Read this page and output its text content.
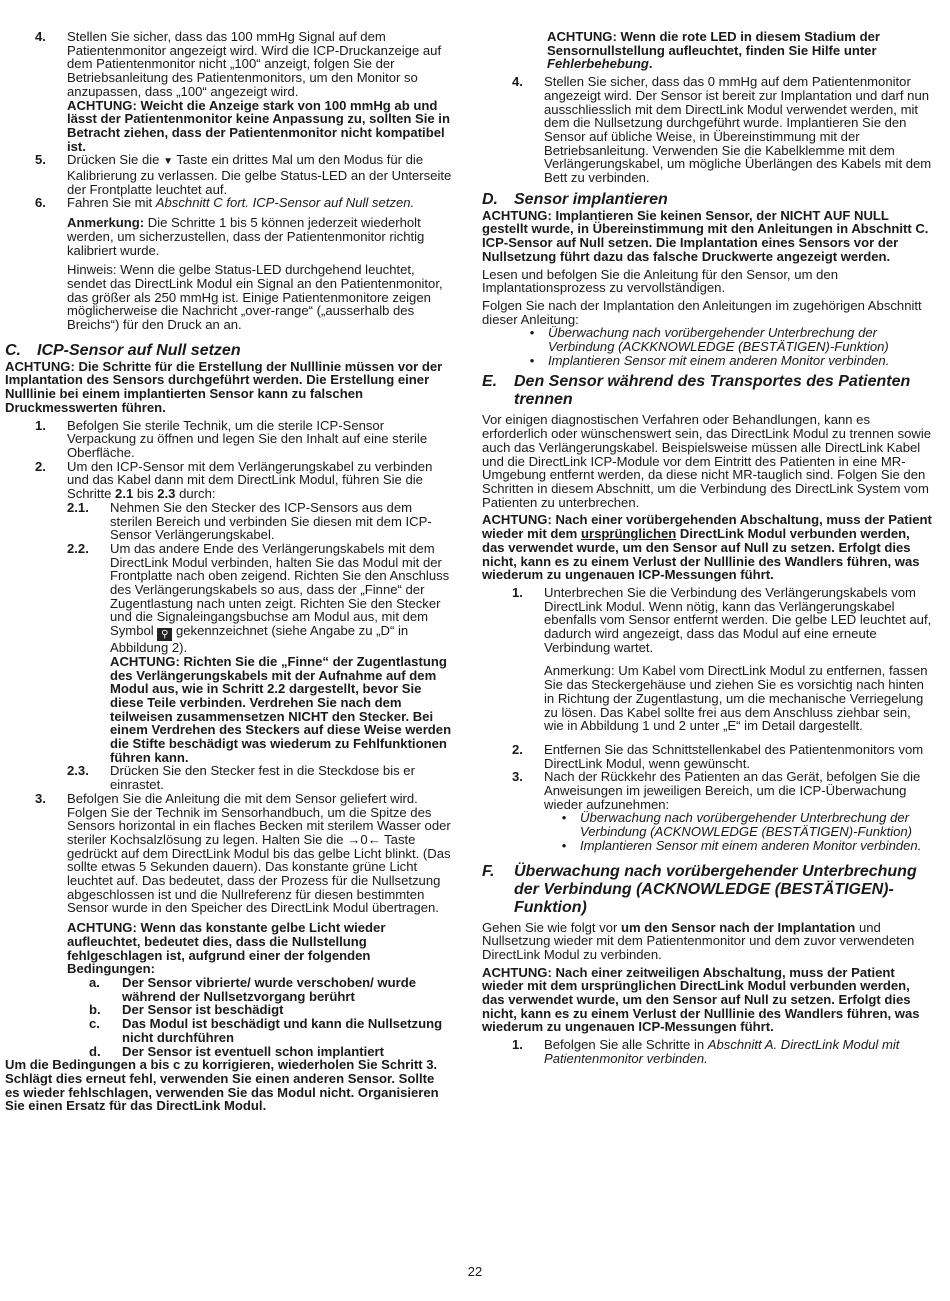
4.	Stellen Sie sicher, dass das 100 mmHg Signal auf dem Patientenmonitor angezeigt wird. Wird die ICP-Druckanzeige auf dem Patientenmonitor nicht „100“ anzeigt, folgen Sie der Betriebsanleitung des Patientenmonitors, um den Monitor so anzupassen, dass „100“ angezeigt wird.

ACHTUNG: Weicht die Anzeige stark von 100 mmHg ab und lässt der Patientenmonitor keine Anpassung zu, sollten Sie in Betracht ziehen, dass der Patientenmonitor nicht kompatibel ist.

5.	Drücken Sie die ▼ Taste ein drittes Mal um den Modus für die Kalibrierung zu verlassen. Die gelbe Status-LED an der Unterseite der Frontplatte leuchtet auf.

6.	Fahren Sie mit Abschnitt C fort. ICP-Sensor auf Null setzen.

Anmerkung: Die Schritte 1 bis 5 können jederzeit wiederholt werden, um sicherzustellen, dass der Patientenmonitor richtig kalibriert wurde.

Hinweis: Wenn die gelbe Status-LED durchgehend leuchtet, sendet das DirectLink Modul ein Signal an den Patientenmonitor, das größer als 250 mmHg ist. Einige Patientenmonitore zeigen möglicherweise die Nachricht „over-range“ („ausserhalb des Breichs“) für den Druck an an.

C.	ICP-Sensor auf Null setzen

ACHTUNG: Die Schritte für die Erstellung der Nulllinie müssen vor der Implantation des Sensors durchgeführt werden. Die Erstellung einer Nulllinie bei einem implantierten Sensor kann zu falschen Druckmesswerten führen.

1.	Befolgen Sie sterile Technik, um die sterile ICP-Sensor Verpackung zu öffnen und legen Sie den Inhalt auf eine sterile Oberfläche.

2.	Um den ICP-Sensor mit dem Verlängerungskabel zu verbinden und das Kabel dann mit dem DirectLink Modul, führen Sie die Schritte 2.1 bis 2.3 durch:

2.1.	Nehmen Sie den Stecker des ICP-Sensors aus dem sterilen Bereich und verbinden Sie diesen mit dem ICP-Sensor Verlängerungskabel.

2.2.	Um das andere Ende des Verlängerungskabels mit dem DirectLink Modul verbinden, halten Sie das Modul mit der Frontplatte nach oben zeigend. Richten Sie den Anschluss des Verlängerungskabels so aus, dass der „Finne“ der Zugentlastung nach unten zeigt. Richten Sie den Stecker und die Signaleingangsbuchse am Modul aus, mit dem Symbol ⚲ gekennzeichnet (siehe Angabe zu „D“ in Abbildung 2).

ACHTUNG: Richten Sie die „Finne“ der Zugentlastung des Verlängerungskabels mit der Aufnahme auf dem Modul aus, wie in Schritt 2.2 dargestellt, bevor Sie diese Teile verbinden. Verdrehen Sie nach dem teilweisen zusammensetzen NICHT den Stecker. Bei einem Verdrehen des Steckers auf diese Weise werden die Stifte beschädigt was wiederum zu Fehlfunktionen führen kann.

2.3.	Drücken Sie den Stecker fest in die Steckdose bis er einrastet.

3.	Befolgen Sie die Anleitung die mit dem Sensor geliefert wird. Folgen Sie der Technik im Sensorhandbuch, um die Spitze des Sensors horizontal in ein flaches Becken mit sterilem Wasser oder steriler Kochsalzlösung zu legen. Halten Sie die →0← Taste gedrückt auf dem DirectLink Modul bis das gelbe Licht blinkt. (Das sollte etwas 5 Sekunden dauern). Das konstante grüne Licht leuchtet auf. Das bedeutet, dass der Prozess für die Nullsetzung abgeschlossen ist und die Nullreferenz für diesen bestimmten Sensor wurde in den Speicher des DirectLink Modul übertragen.

ACHTUNG: Wenn das konstante gelbe Licht wieder aufleuchtet, bedeutet dies, dass die Nullstellung fehlgeschlagen ist, aufgrund einer der folgenden Bedingungen:

a.	Der Sensor vibrierte/ wurde verschoben/ wurde während der Nullsetzvorgang berührt
b.	Der Sensor ist beschädigt
c.	Das Modul ist beschädigt und kann die Nullsetzung nicht durchführen
d.	Der Sensor ist eventuell schon implantiert

Um die Bedingungen a bis c zu korrigieren, wiederholen Sie Schritt 3. Schlägt dies erneut fehl, verwenden Sie einen anderen Sensor. Sollte es wieder fehlschlagen, verwenden Sie das Modul nicht. Organisieren Sie einen Ersatz für das DirectLink Modul.

ACHTUNG: Wenn die rote LED in diesem Stadium der Sensornullstellung aufleuchtet, finden Sie Hilfe unter Fehlerbehebung.

4.	Stellen Sie sicher, dass das 0 mmHg auf dem Patientenmonitor angezeigt wird. Der Sensor ist bereit zur Implantation und darf nun ausschliesslich mit dem DirectLink Modul verwendet werden, mit dem die Nullsetzung durchgeführt wurde. Implantieren Sie den Sensor auf übliche Weise, in Übereinstimmung mit der Betriebsanleitung. Verwenden Sie die Kabelklemme mit dem Verlängerungskabel, um mögliche Überlängen des Kabels mit dem Bett zu verbinden.

D.	Sensor implantieren

ACHTUNG: Implantieren Sie keinen Sensor, der NICHT AUF NULL gestellt wurde, in Übereinstimmung mit den Anleitungen in Abschnitt C. ICP-Sensor auf Null setzen. Die Implantation eines Sensors vor der Nullsetzung führt dazu das falsche Druckwerte angezeigt werden.

Lesen und befolgen Sie die Anleitung für den Sensor, um den Implantationsprozess zu vervollständigen.

Folgen Sie nach der Implantation den Anleitungen im zugehörigen Abschnitt dieser Anleitung:

•	Überwachung nach vorübergehender Unterbrechung der Verbindung (ACKKNOWLEDGE (BESTÄTIGEN)-Funktion)
•	Implantieren Sensor mit einem anderen Monitor verbinden.
E.	Den Sensor während des Transportes des Patienten trennen

Vor einigen diagnostischen Verfahren oder Behandlungen, kann es erforderlich oder wünschenswert sein, das DirectLink Modul zu trennen sowie auch das Verlängerungskabel. Beispielsweise müssen alle DirectLink Kabel und die DirectLink ICP-Module vor dem Eintritt des Patienten in eine MR-Umgebung entfernt werden, da diese nicht MR-tauglich sind. Folgen Sie den Schritten in diesem Abschnitt, um die Verbindung des DirectLink System vom Patienten zu unterbrechen.

ACHTUNG: Nach einer vorübergehenden Abschaltung, muss der Patient wieder mit dem ursprünglichen DirectLink Modul verbunden werden, das verwendet wurde, um den Sensor auf Null zu setzen. Erfolgt dies nicht, kann es zu einem Verlust der Nulllinie des Wandlers führen, was wiederum zu ungenauen ICP-Messungen führt.

1.	Unterbrechen Sie die Verbindung des Verlängerungskabels vom DirectLink Modul. Wenn nötig, kann das Verlängerungskabel ebenfalls vom Sensor entfernt werden. Die gelbe LED leuchtet auf, dadurch wird angezeigt, dass das Modul auf eine erneute Verbindung wartet.

Anmerkung: Um Kabel vom DirectLink Modul zu entfernen, fassen Sie das Steckergehäuse und ziehen Sie es vorsichtig nach hinten in Richtung der Zugentlastung, um die mechanische Verriegelung zu lösen. Das Kabel sollte frei aus dem Anschluss ziehbar sein, wie in Abbildung 1 und 2 unter „E“ im Detail dargestellt.

2.	Entfernen Sie das Schnittstellenkabel des Patientenmonitors vom DirectLink Modul, wenn gewünscht.

3.	Nach der Rückkehr des Patienten an das Gerät, befolgen Sie die Anweisungen im jeweiligen Bereich, um die ICP-Überwachung wieder aufzunehmen:

•	Überwachung nach vorübergehender Unterbrechung der Verbindung (ACKNOWLEDGE (BESTÄTIGEN)-Funktion)
•	Implantieren Sensor mit einem anderen Monitor verbinden.
F.	Überwachung nach vorübergehender Unterbrechung der Verbindung (ACKNOWLEDGE (BESTÄTIGEN)-Funktion)

Gehen Sie wie folgt vor um den Sensor nach der Implantation und Nullsetzung wieder mit dem Patientenmonitor und dem zuvor verwendeten DirectLink Modul zu verbinden.

ACHTUNG: Nach einer zeitweiligen Abschaltung, muss der Patient wieder mit dem ursprünglichen DirectLink Modul verbunden werden, das verwendet wurde, um den Sensor auf Null zu setzen. Erfolgt dies nicht, kann es zu einem Verlust der Nulllinie des Wandlers führen, was wiederum zu ungenauen ICP-Messungen führt.

1.	Befolgen Sie alle Schritte in Abschnitt A. DirectLink Modul mit Patientenmonitor verbinden.

22
